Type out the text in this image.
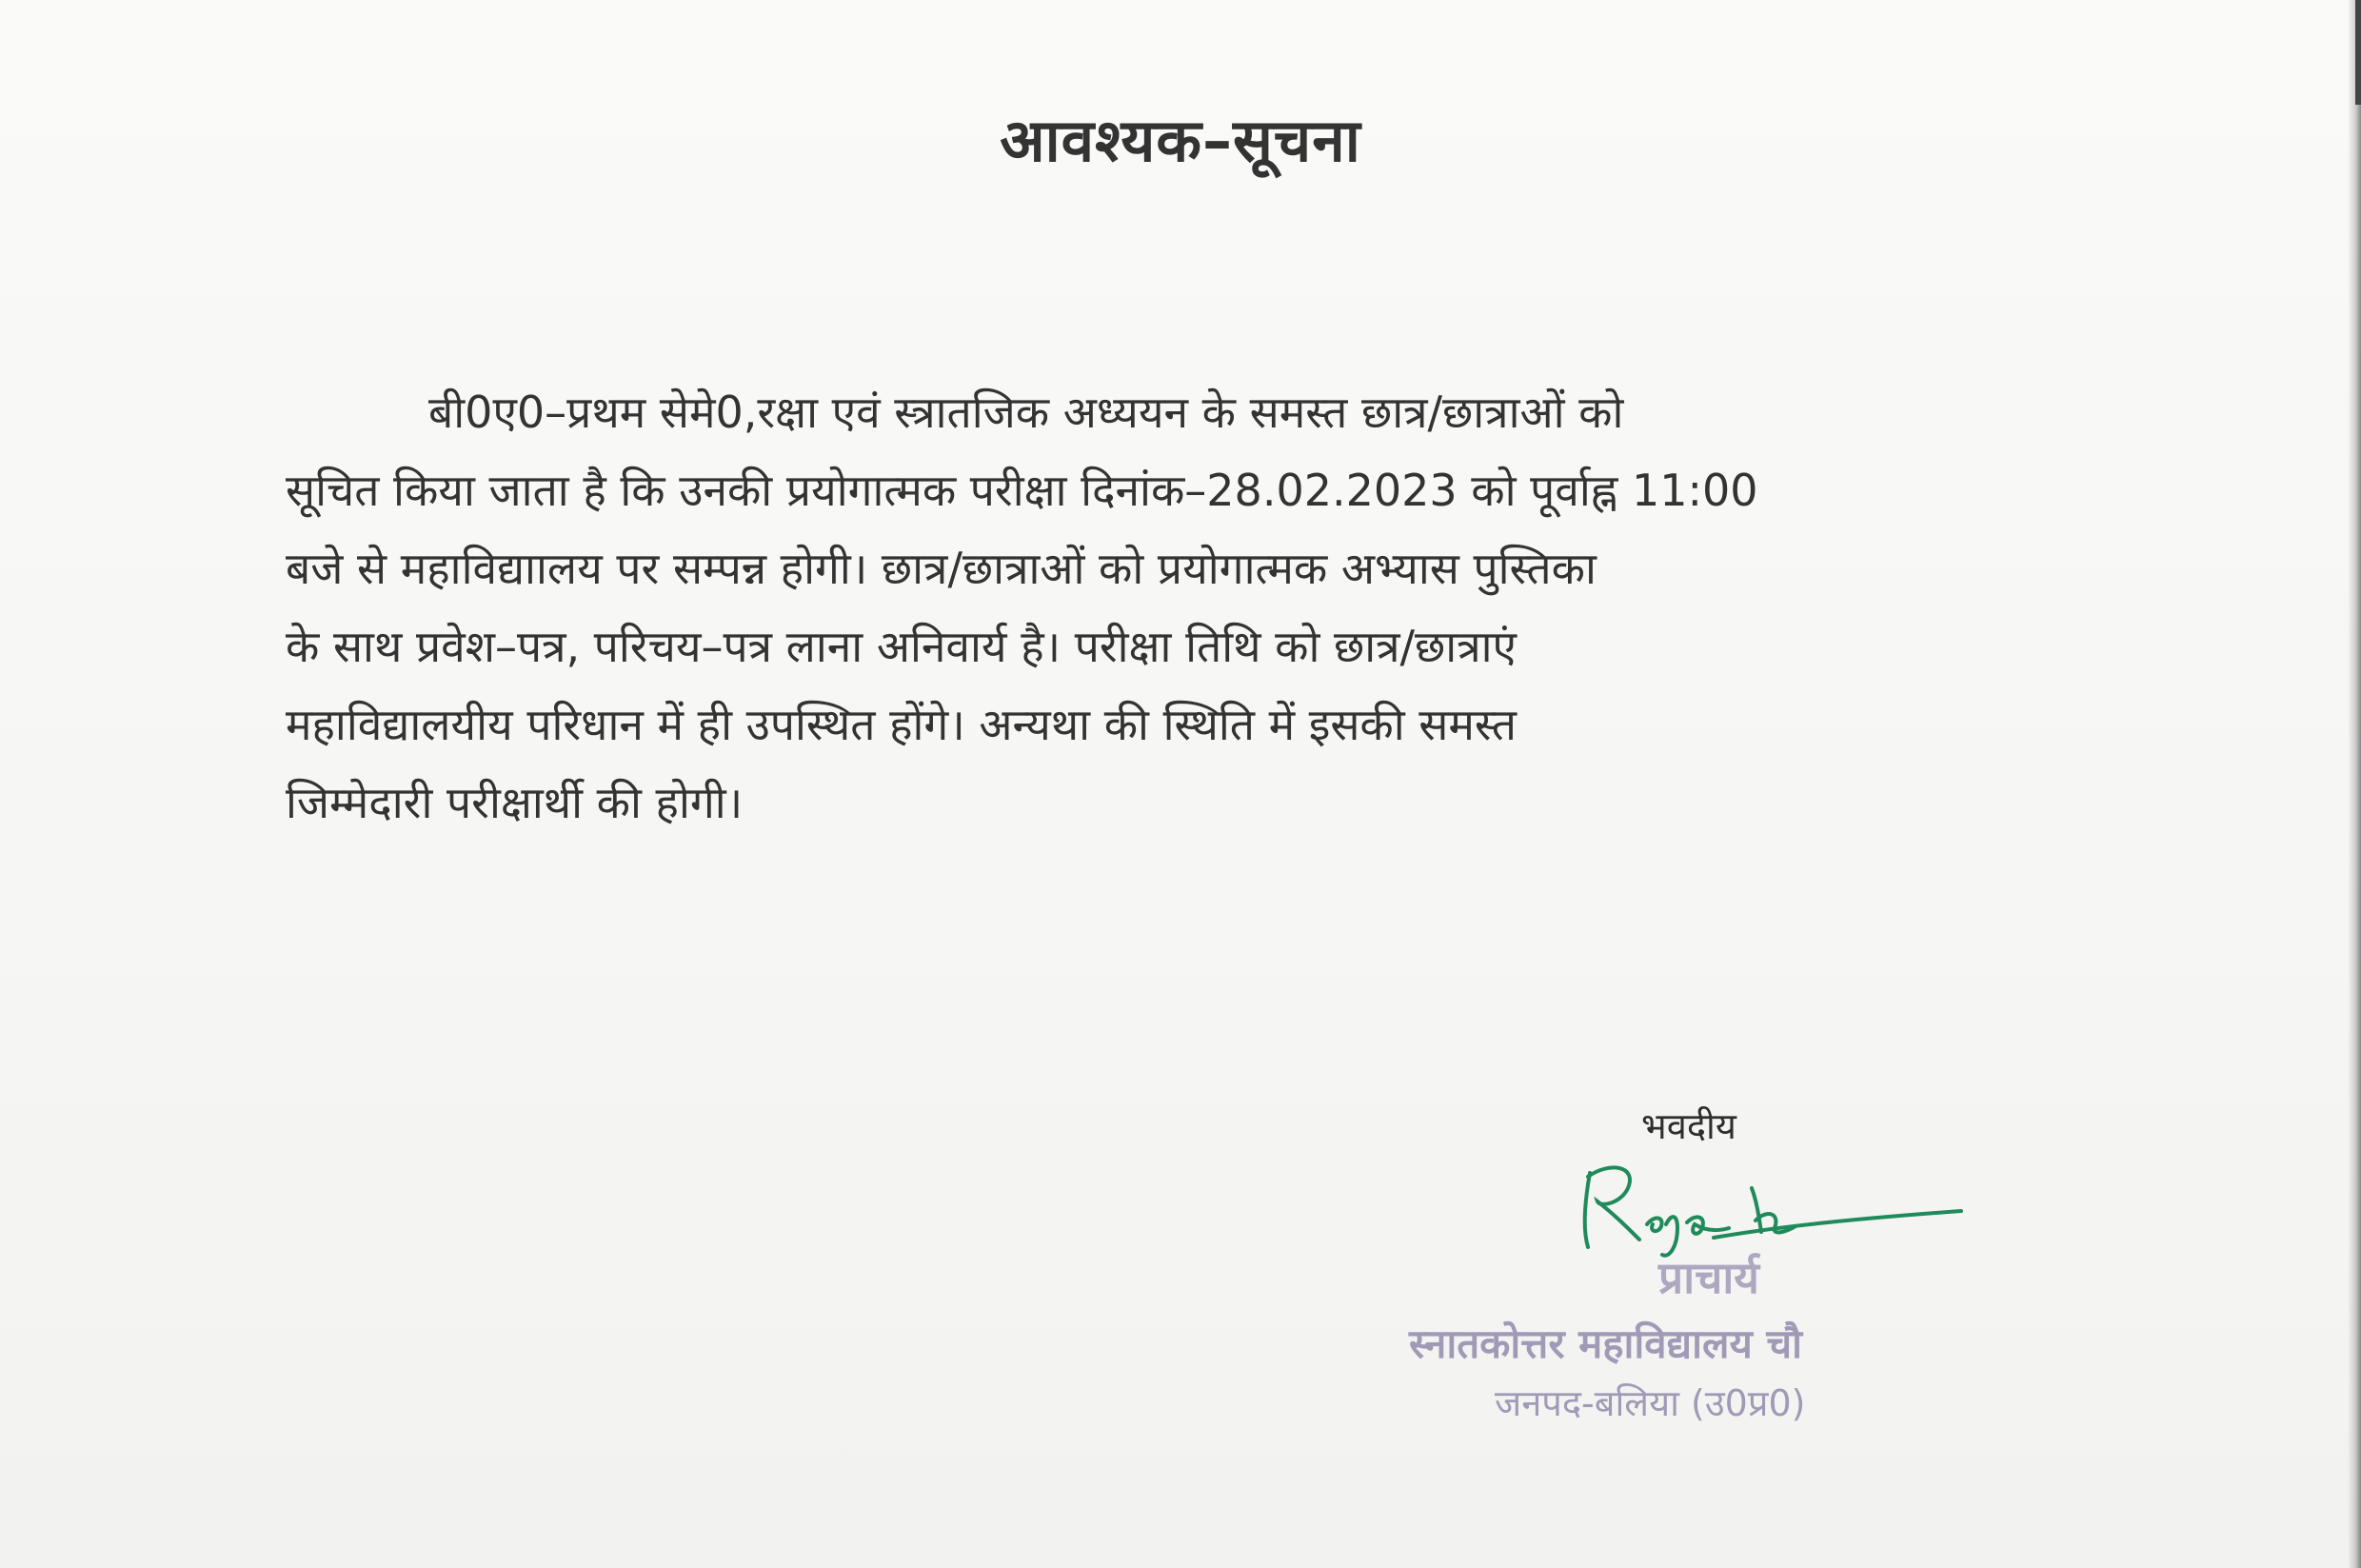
आवश्यक–सूचना
बी0ए0–प्रथम सेमे0,रक्षा एवं स्त्रातजिक अध्ययन के समस्त छात्र/छात्राओं को
सूचित किया जाता है कि उनकी प्रयोगात्मक परीक्षा दिनांक–28.02.2023 को पूर्वाह्न 11:00
बजे से महाविद्याालय पर सम्पन्न होगी। छात्र/छात्राओं को प्रयोगात्मक अभ्यास पुस्तिका
के साथ प्रवेश–पत्र, परिचय–पत्र लाना अनिवार्य है। परीक्षा तिथि को छात्र/छात्राएं
महाविद्यालयीय परिधान में ही उपस्थित होंगे। अन्यथा की स्थिति में इसकी समस्त
जिम्मेदारी परीक्षार्थी की होगी।
भवदीय
प्राचार्य
स्नातकोत्तर महाविद्यालय चौ
जनपद-बलिया (उ0प्र0)
